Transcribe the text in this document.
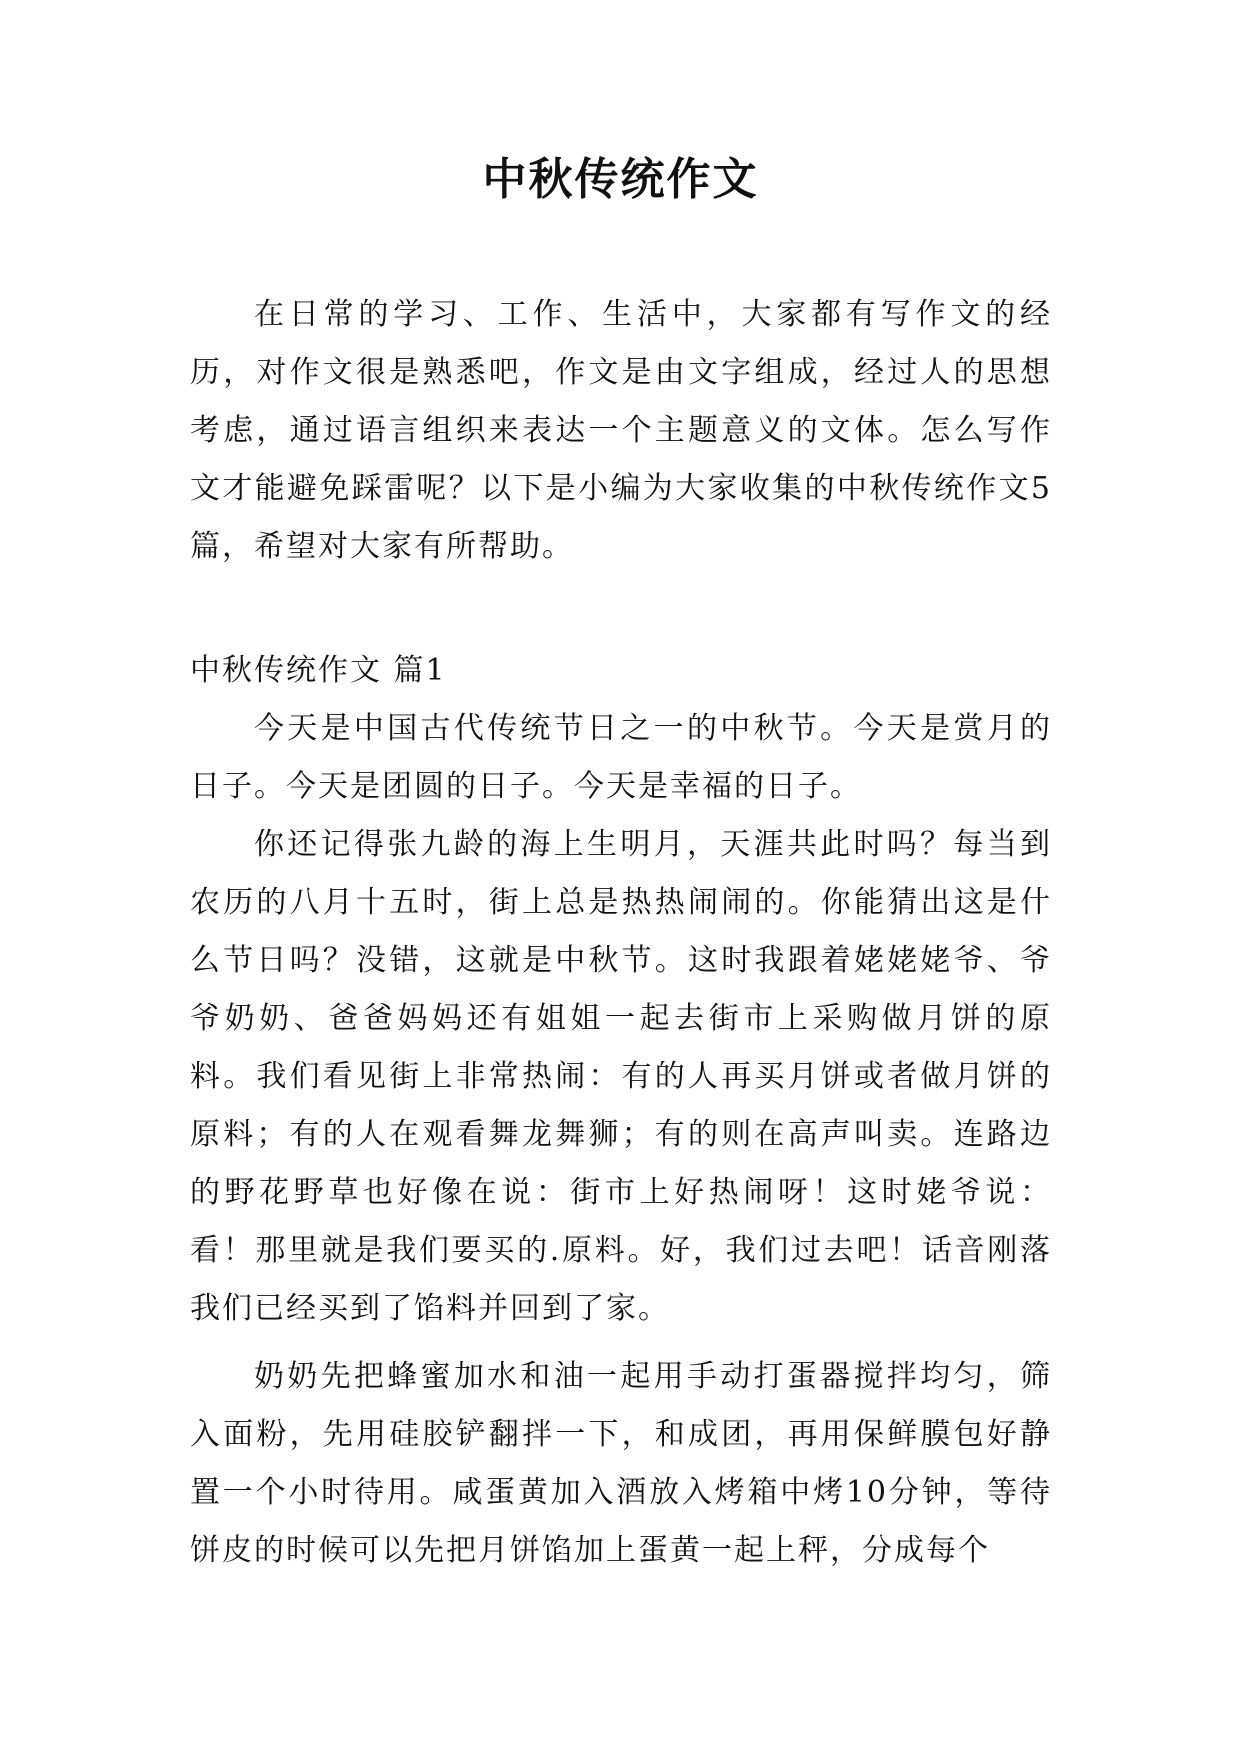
中秋传统作文

在日常的学习、工作、生活中，大家都有写作文的经历，对作文很是熟悉吧，作文是由文字组成，经过人的思想考虑，通过语言组织来表达一个主题意义的文体。怎么写作文才能避免踩雷呢？以下是小编为大家收集的中秋传统作文5篇，希望对大家有所帮助。

中秋传统作文 篇1

今天是中国古代传统节日之一的中秋节。今天是赏月的日子。今天是团圆的日子。今天是幸福的日子。

你还记得张九龄的海上生明月，天涯共此时吗？每当到农历的八月十五时，街上总是热热闹闹的。你能猜出这是什么节日吗？没错，这就是中秋节。这时我跟着姥姥姥爷、爷爷奶奶、爸爸妈妈还有姐姐一起去街市上采购做月饼的原料。我们看见街上非常热闹：有的人再买月饼或者做月饼的原料；有的人在观看舞龙舞狮；有的则在高声叫卖。连路边的野花野草也好像在说：街市上好热闹呀！这时姥爷说：看！那里就是我们要买的.原料。好，我们过去吧！话音刚落我们已经买到了馅料并回到了家。

奶奶先把蜂蜜加水和油一起用手动打蛋器搅拌均匀，筛入面粉，先用硅胶铲翻拌一下，和成团，再用保鲜膜包好静置一个小时待用。咸蛋黄加入酒放入烤箱中烤10分钟，等待饼皮的时候可以先把月饼馅加上蛋黄一起上秤，分成每个
